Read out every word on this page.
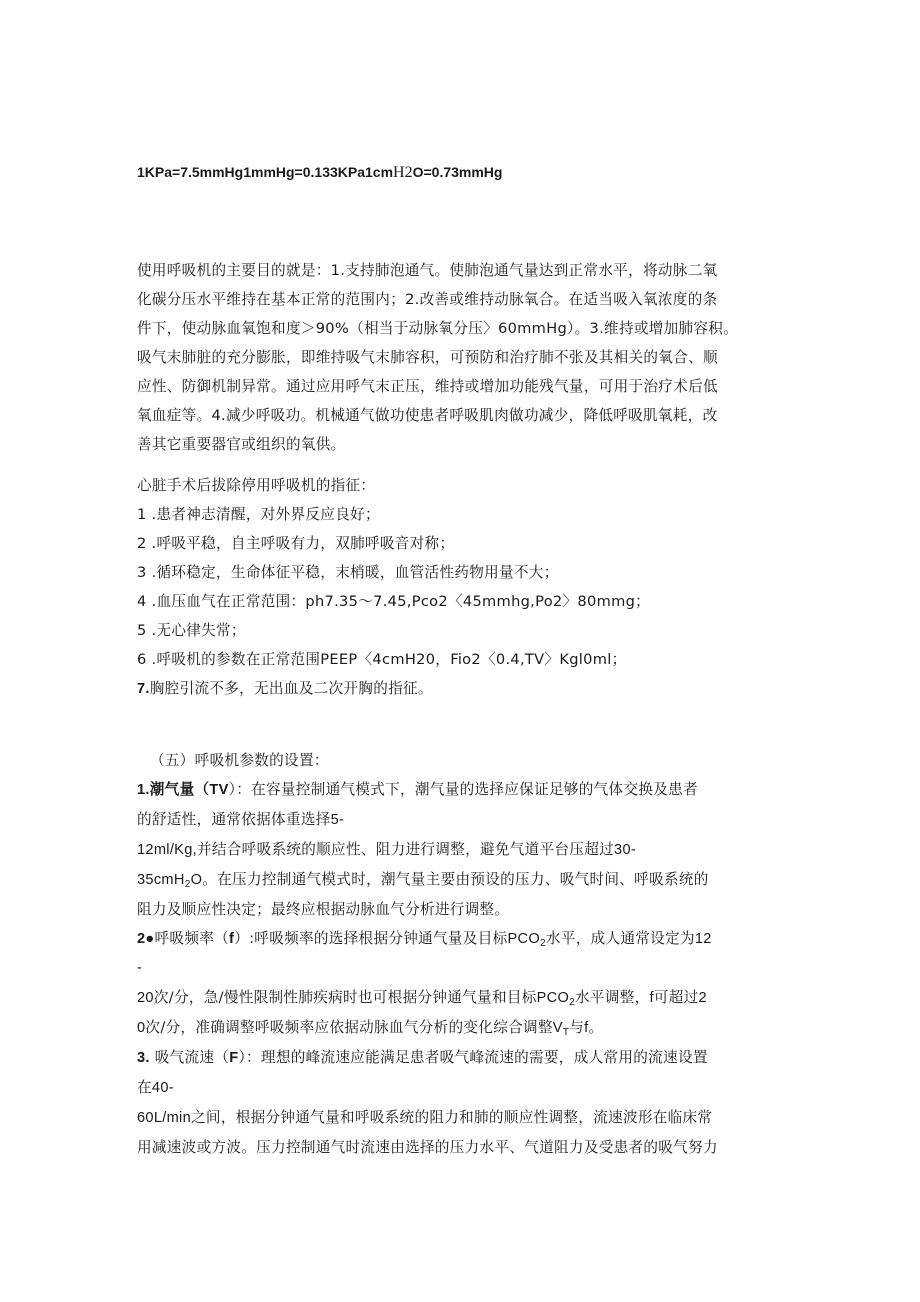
1KPa=7.5mmHg1mmHg=0.133KPa1cmH2O=0.73mmHg

使用呼吸机的主要目的就是：1.支持肺泡通气。使肺泡通气量达到正常水平，将动脉二氧

化碳分压水平维持在基本正常的范围内；2.改善或维持动脉氧合。在适当吸入氧浓度的条

件下，使动脉血氧饱和度＞90%（相当于动脉氧分压〉60mmHg）。3.维持或增加肺容积。

吸气末肺脏的充分膨胀，即维持吸气末肺容积，可预防和治疗肺不张及其相关的氧合、顺

应性、防御机制异常。通过应用呼气末正压，维持或增加功能残气量，可用于治疗术后低

氧血症等。4.减少呼吸功。机械通气做功使患者呼吸肌肉做功减少，降低呼吸肌氧耗，改

善其它重要器官或组织的氧供。

心脏手术后拔除停用呼吸机的指征：

1 .患者神志清醒，对外界反应良好；

2 .呼吸平稳，自主呼吸有力，双肺呼吸音对称；

3 .循环稳定，生命体征平稳，末梢暖，血管活性药物用量不大；

4 .血压血气在正常范围：ph7.35～7.45,Pco2〈45mmhg,Po2〉80mmg；

5 .无心律失常；

6 .呼吸机的参数在正常范围PEEP〈4cmH20，Fio2〈0.4,TV〉Kgl0ml；

7.胸腔引流不多，无出血及二次开胸的指征。

（五）呼吸机参数的设置：

1.潮气量（TV）：在容量控制通气模式下，潮气量的选择应保证足够的气体交换及患者

的舒适性，通常依据体重选择5-

12ml/Kg,并结合呼吸系统的顺应性、阻力进行调整，避免气道平台压超过30-

35cmH$_2$O。在压力控制通气模式时，潮气量主要由预设的压力、吸气时间、呼吸系统的

阻力及顺应性决定；最终应根据动脉血气分析进行调整。

2●呼吸频率（f）:呼吸频率的选择根据分钟通气量及目标$PCO_2$水平，成人通常设定为12

-

20次/分，急/慢性限制性肺疾病时也可根据分钟通气量和目标$PCO_2$水平调整，f可超过2

0次/分，准确调整呼吸频率应依据动脉血气分析的变化综合调整$V_T$与f。

3. 吸气流速（F）：理想的峰流速应能满足患者吸气峰流速的需要，成人常用的流速设置

在40-

60L/min之间，根据分钟通气量和呼吸系统的阻力和肺的顺应性调整，流速波形在临床常

用减速波或方波。压力控制通气时流速由选择的压力水平、气道阻力及受患者的吸气努力
